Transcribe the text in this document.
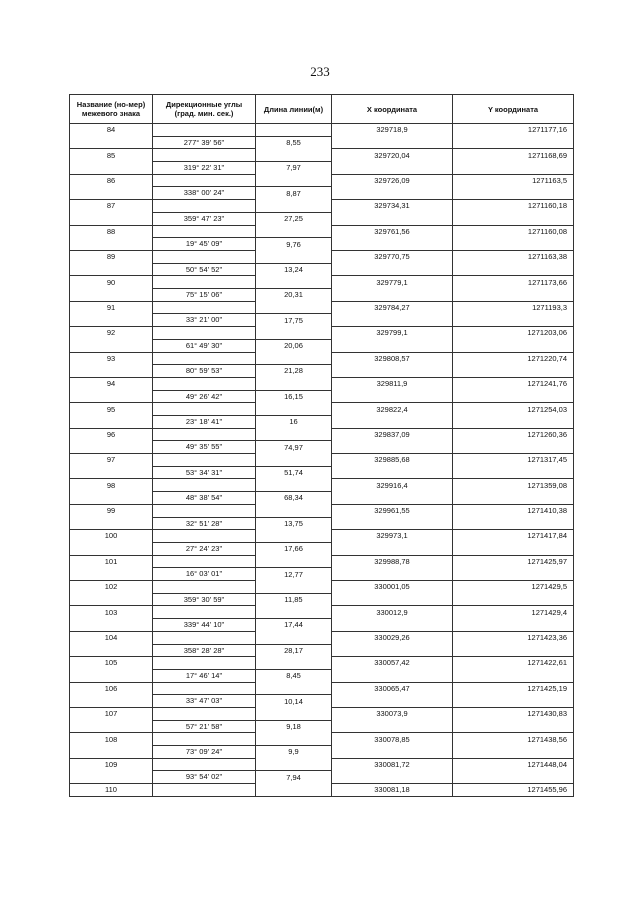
233
Название (но-мер) межевого знака	Дирекционные углы (град. мин. сек.)	Длина линии(м)	X координата	Y координата
84			329718,9	1271177,16
	277° 39' 56"	8,55		
85			329720,04	1271168,69
	319° 22' 31"	7,97		
86			329726,09	1271163,5
	338° 00' 24"	8,87		
87			329734,31	1271160,18
	359° 47' 23"	27,25		
88			329761,56	1271160,08
	19° 45' 09"	9,76		
89			329770,75	1271163,38
	50° 54' 52"	13,24		
90			329779,1	1271173,66
	75° 15' 06"	20,31		
91			329784,27	1271193,3
	33° 21' 00"	17,75		
92			329799,1	1271203,06
	61° 49' 30"	20,06		
93			329808,57	1271220,74
	80° 59' 53"	21,28		
94			329811,9	1271241,76
	49° 26' 42"	16,15		
95			329822,4	1271254,03
	23° 18' 41"	16		
96			329837,09	1271260,36
	49° 35' 55"	74,97		
97			329885,68	1271317,45
	53° 34' 31"	51,74		
98			329916,4	1271359,08
	48° 38' 54"	68,34		
99			329961,55	1271410,38
	32° 51' 28"	13,75		
100			329973,1	1271417,84
	27° 24' 23"	17,66		
101			329988,78	1271425,97
	16° 03' 01"	12,77		
102			330001,05	1271429,5
	359° 30' 59"	11,85		
103			330012,9	1271429,4
	339° 44' 10"	17,44		
104			330029,26	1271423,36
	358° 28' 28"	28,17		
105			330057,42	1271422,61
	17° 46' 14"	8,45		
106			330065,47	1271425,19
	33° 47' 03"	10,14		
107			330073,9	1271430,83
	57° 21' 58"	9,18		
108			330078,85	1271438,56
	73° 09' 24"	9,9		
109			330081,72	1271448,04
	93° 54' 02"	7,94		
110			330081,18	1271455,96
